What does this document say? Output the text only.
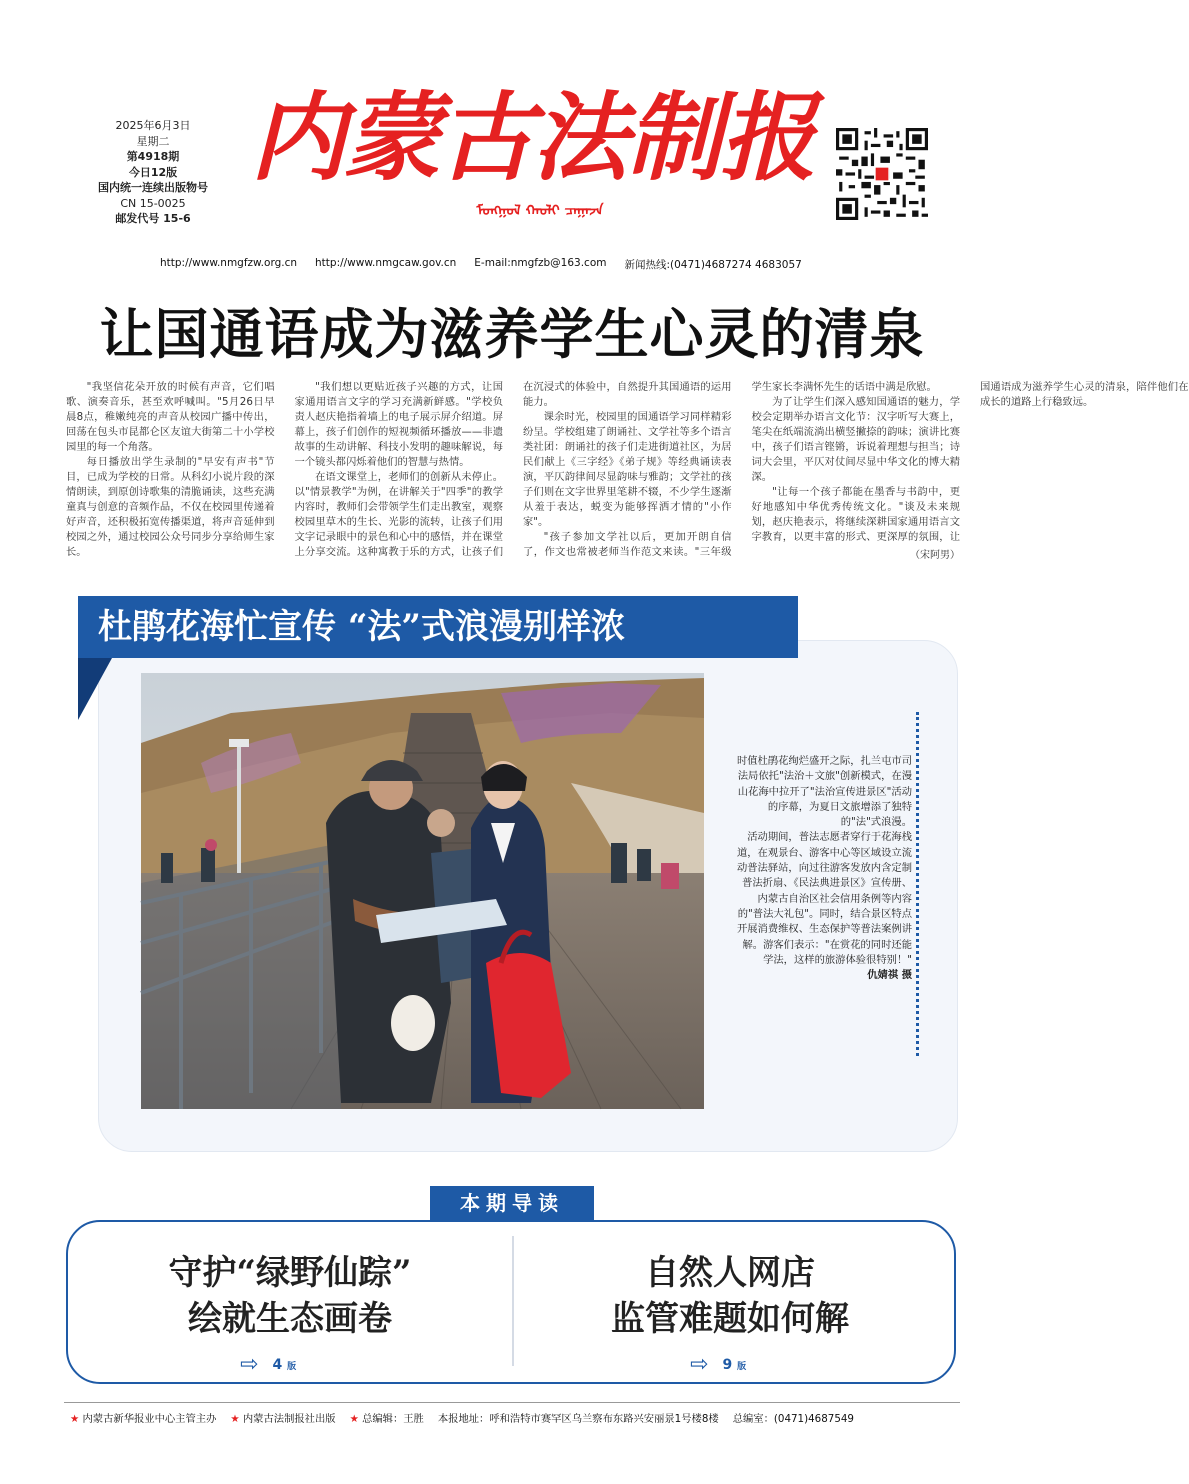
2025年6月3日
星期二
第4918期
今日12版
国内统一连续出版物号
CN 15-0025
邮发代号 15-6
内蒙古法制报
ᠮᠣᠩᠭᠣᠯ ᠬᠠᠤᠯᠢ ᠴᠠᠭᠠᠵᠠ
http://www.nmgfzw.org.cn http://www.nmgcaw.gov.cn E-mail:nmgfzb@163.com 新闻热线:(0471)4687274 4683057
让国通语成为滋养学生心灵的清泉

"我坚信花朵开放的时候有声音，它们唱歌、演奏音乐，甚至欢呼喊叫。"5月26日早晨8点，稚嫩纯亮的声音从校园广播中传出，回荡在包头市昆都仑区友谊大街第二十小学校园里的每一个角落。

每日播放出学生录制的"早安有声书"节目，已成为学校的日常。从科幻小说片段的深情朗读，到原创诗歌集的清脆诵读，这些充满童真与创意的音频作品，不仅在校园里传递着好声音，还积极拓宽传播渠道，将声音延伸到校园之外，通过校园公众号同步分享给师生家长。

"我们想以更贴近孩子兴趣的方式，让国家通用语言文字的学习充满新鲜感。"学校负责人赵庆艳指着墙上的电子展示屏介绍道。屏幕上，孩子们创作的短视频循环播放——非遗故事的生动讲解、科技小发明的趣味解说，每一个镜头都闪烁着他们的智慧与热情。

在语文课堂上，老师们的创新从未停止。以"情景教学"为例，在讲解关于"四季"的教学内容时，教师们会带领学生们走出教室，观察校园里草木的生长、光影的流转，让孩子们用文字记录眼中的景色和心中的感悟，并在课堂上分享交流。这种寓教于乐的方式，让孩子们在沉浸式的体验中，自然提升其国通语的运用能力。

课余时光，校园里的国通语学习同样精彩纷呈。学校组建了朗诵社、文学社等多个语言类社团：朗诵社的孩子们走进街道社区，为居民们献上《三字经》《弟子规》等经典诵读表演，平仄韵律间尽显韵味与雅韵；文学社的孩子们则在文字世界里笔耕不辍，不少学生逐渐从羞于表达，蜕变为能够挥洒才情的"小作家"。

"孩子参加文学社以后，更加开朗自信了，作文也常被老师当作范文来读。"三年级学生家长李满怀先生的话语中满是欣慰。

为了让学生们深入感知国通语的魅力，学校会定期举办语言文化节：汉字听写大赛上，笔尖在纸端流淌出横竖撇捺的韵味；演讲比赛中，孩子们语言铿锵，诉说着理想与担当；诗词大会里，平仄对仗间尽显中华文化的博大精深。

"让每一个孩子都能在墨香与书韵中，更好地感知中华优秀传统文化。"谈及未来规划，赵庆艳表示，将继续深耕国家通用语言文字教育，以更丰富的形式、更深厚的氛围，让国通语成为滋养学生心灵的清泉，陪伴他们在成长的道路上行稳致远。

（宋阿男）
杜鹃花海忙宣传 “法”式浪漫别样浓

时值杜鹃花绚烂盛开之际，扎兰屯市司法局依托"法治＋文旅"创新模式，在漫山花海中拉开了"法治宣传进景区"活动的序幕，为夏日文旅增添了独特的"法"式浪漫。

活动期间，普法志愿者穿行于花海栈道，在观景台、游客中心等区域设立流动普法驿站，向过往游客发放内含定制普法折扇、《民法典进景区》宣传册、内蒙古自治区社会信用条例等内容的"普法大礼包"。同时，结合景区特点开展消费维权、生态保护等普法案例讲解。游客们表示："在赏花的同时还能学法，这样的旅游体验很特别！"

仇婧祺 摄

本期导读
守护“绿野仙踪”
绘就生态画卷
⇨ 4 版
自然人网店
监管难题如何解
⇨ 9 版
★ 内蒙古新华报业中心主管主办 ★ 内蒙古法制报社出版 ★ 总编辑：王胜 本报地址：呼和浩特市赛罕区乌兰察布东路兴安丽景1号楼8楼 总编室：(0471)4687549
